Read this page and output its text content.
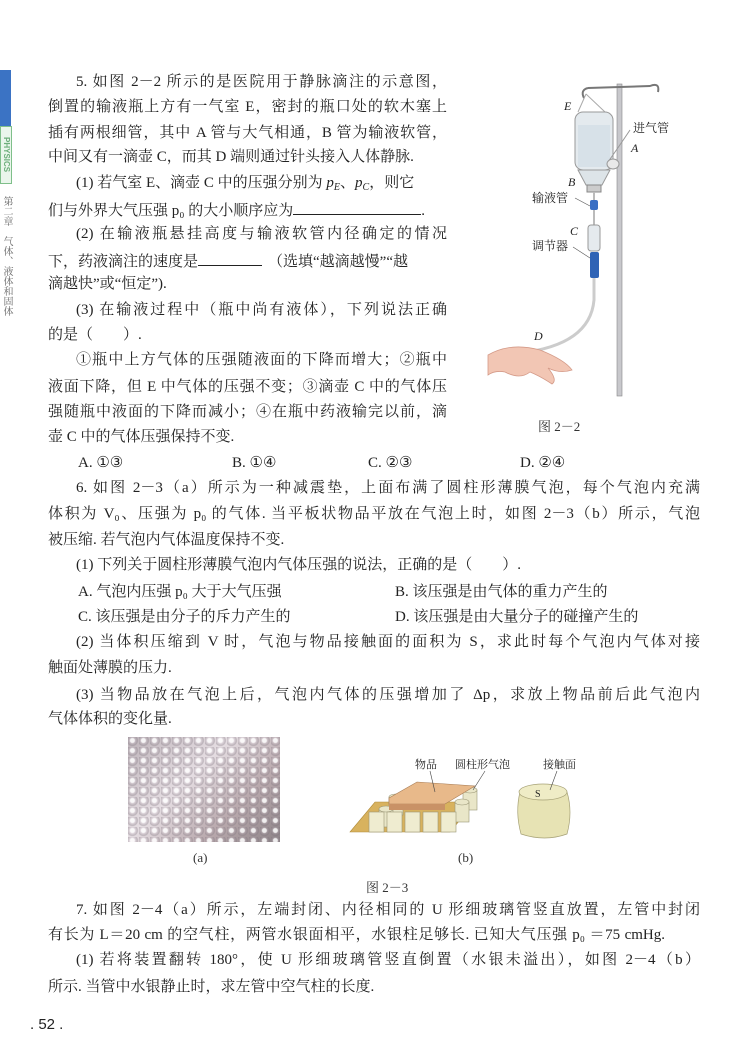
PHYSICS
第二章　气体、液体和固体
5. 如图 2－2 所示的是医院用于静脉滴注的示意图，
倒置的输液瓶上方有一气室 E，密封的瓶口处的软木塞上
插有两根细管，其中 A 管与大气相通，B 管为输液软管，
中间又有一滴壶 C，而其 D 端则通过针头接入人体静脉.
(1) 若气室 E、滴壶 C 中的压强分别为 $p_E$、$p_C$，则它
们与外界大气压强 p₀ 的大小顺序应为	.
(2) 在输液瓶悬挂高度与输液软管内径确定的情况
下，药液滴注的速度是	（选填“越滴越慢”“越
滴越快”或“恒定”).
(3) 在输液过程中（瓶中尚有液体），下列说法正确
的是（　　）.
①瓶中上方气体的压强随液面的下降而增大；②瓶中
液面下降，但 E 中气体的压强不变；③滴壶 C 中的气体压
强随瓶中液面的下降而减小；④在瓶中药液输完以前，滴
壶 C 中的气体压强保持不变.
A. ①③	B. ①④	C. ②③	D. ②④
E
进气管
A
B
输液管
C
调节器
D
图 2－2
6. 如图 2－3（a）所示为一种减震垫，上面布满了圆柱形薄膜气泡，每个气泡内充满
体积为 V₀、压强为 p₀ 的气体. 当平板状物品平放在气泡上时，如图 2－3（b）所示，气泡
被压缩. 若气泡内气体温度保持不变.
(1) 下列关于圆柱形薄膜气泡内气体压强的说法，正确的是（　　）.
A. 气泡内压强 p₀ 大于大气压强	B. 该压强是由气体的重力产生的
C. 该压强是由分子的斥力产生的	D. 该压强是由大量分子的碰撞产生的
(2) 当体积压缩到 V 时，气泡与物品接触面的面积为 S，求此时每个气泡内气体对接
触面处薄膜的压力.
(3) 当物品放在气泡上后，气泡内气体的压强增加了 Δp，求放上物品前后此气泡内
气体体积的变化量.
物品 圆柱形气泡	接触面
S
(a)	(b)
图 2－3
7. 如图 2－4（a）所示，左端封闭、内径相同的 U 形细玻璃管竖直放置，左管中封闭
有长为 L＝20 cm 的空气柱，两管水银面相平，水银柱足够长. 已知大气压强 p₀ ＝75 cmHg.
(1) 若将装置翻转 180°，使 U 形细玻璃管竖直倒置（水银未溢出），如图 2－4（b）
所示. 当管中水银静止时，求左管中空气柱的长度.
. 52 .
